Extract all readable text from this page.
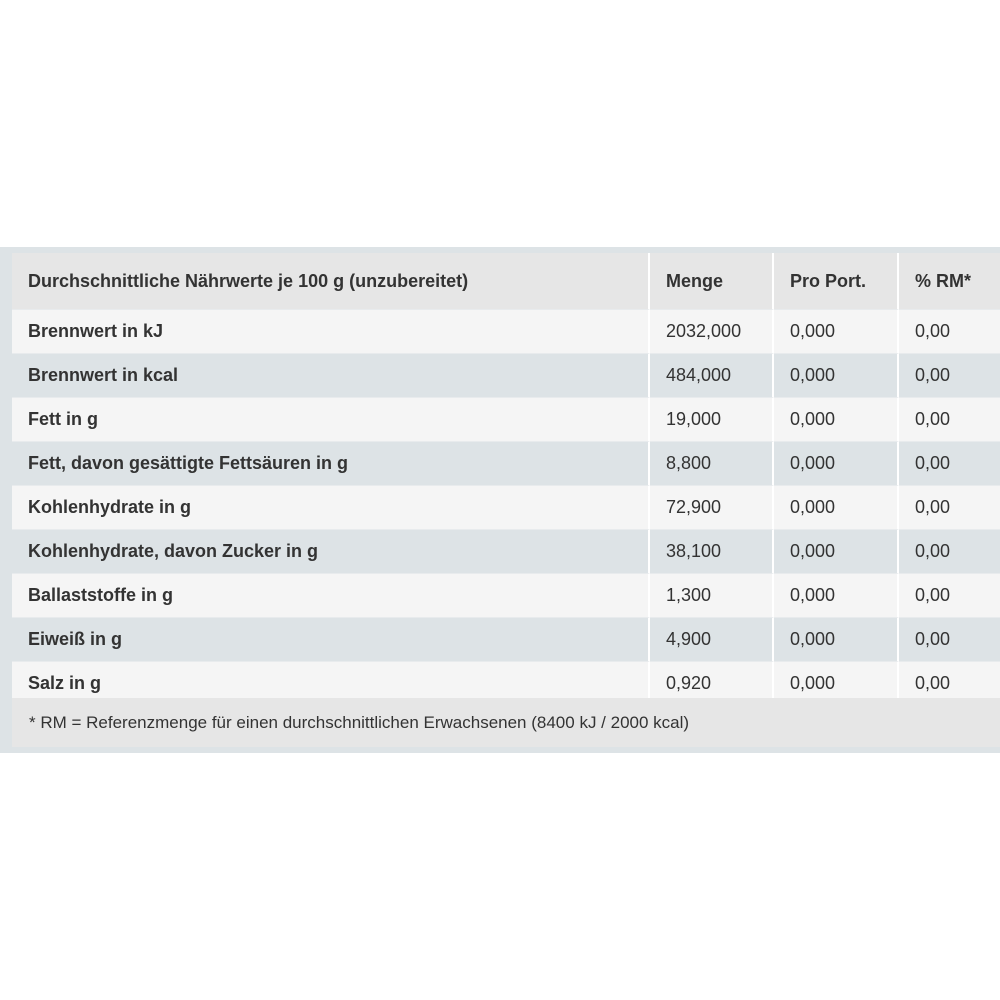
Durchschnittliche Nährwerte je 100 g (unzubereitet)	Menge	Pro Port.	% RM*
Brennwert in kJ	2032,000	0,000	0,00
Brennwert in kcal	484,000	0,000	0,00
Fett in g	19,000	0,000	0,00
Fett, davon gesättigte Fettsäuren in g	8,800	0,000	0,00
Kohlenhydrate in g	72,900	0,000	0,00
Kohlenhydrate, davon Zucker in g	38,100	0,000	0,00
Ballaststoffe in g	1,300	0,000	0,00
Eiweiß in g	4,900	0,000	0,00
Salz in g	0,920	0,000	0,00
* RM = Referenzmenge für einen durchschnittlichen Erwachsenen (8400 kJ / 2000 kcal)
